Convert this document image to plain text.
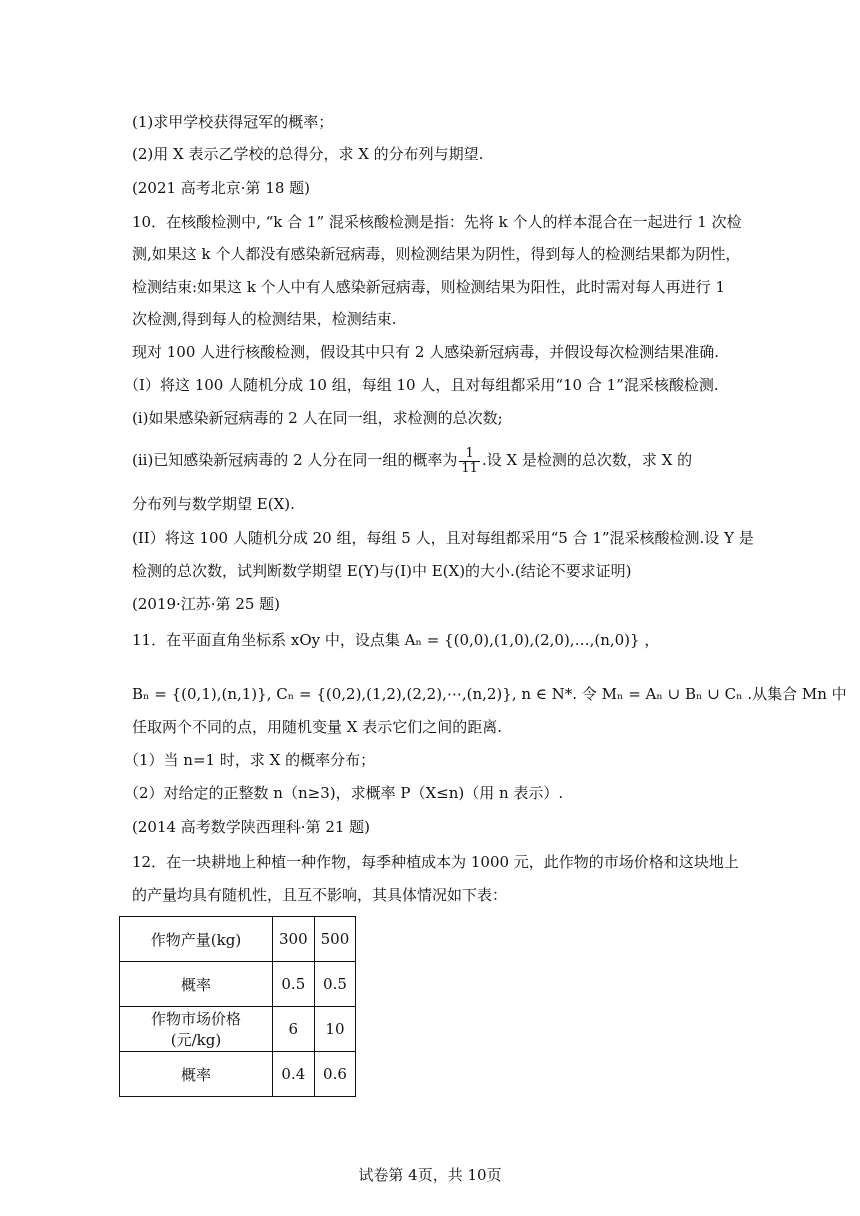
(1)求甲学校获得冠军的概率；
(2)用 X 表示乙学校的总得分，求 X 的分布列与期望.
(2021 高考北京·第 18 题)
10．在核酸检测中, “k 合 1” 混采核酸检测是指：先将 k 个人的样本混合在一起进行 1 次检
测,如果这 k 个人都没有感染新冠病毒，则检测结果为阴性，得到每人的检测结果都为阴性，
检测结束:如果这 k 个人中有人感染新冠病毒，则检测结果为阳性，此时需对每人再进行 1
次检测,得到每人的检测结果，检测结束.
现对 100 人进行核酸检测，假设其中只有 2 人感染新冠病毒，并假设每次检测结果准确.
（I）将这 100 人随机分成 10 组，每组 10 人，且对每组都采用“10 合 1”混采核酸检测.
(i)如果感染新冠病毒的 2 人在同一组，求检测的总次数;
(ii)已知感染新冠病毒的 2 人分在同一组的概率为 $\frac{1}{11}$ .设 X 是检测的总次数，求 X 的
分布列与数学期望 E(X).
(II）将这 100 人随机分成 20 组，每组 5 人，且对每组都采用“5 合 1”混采核酸检测.设 Y 是
检测的总次数，试判断数学期望 E(Y)与(I)中 E(X)的大小.(结论不要求证明)
(2019·江苏·第 25 题)
11．在平面直角坐标系 xOy 中，设点集 Aₙ = {(0,0),(1,0),(2,0),…,(n,0)} ，
Bₙ = {(0,1),(n,1)}, Cₙ = {(0,2),(1,2),(2,2),⋯,(n,2)}, n ∈ N*. 令 Mₙ = Aₙ ∪ Bₙ ∪ Cₙ .从集合 Mn 中
任取两个不同的点，用随机变量 X 表示它们之间的距离.
（1）当 n=1 时，求 X 的概率分布；
（2）对给定的正整数 n（n≥3)，求概率 P（X≤n)（用 n 表示）.
(2014 高考数学陕西理科·第 21 题)
12．在一块耕地上种植一种作物，每季种植成本为 1000 元，此作物的市场价格和这块地上
的产量均具有随机性，且互不影响，其具体情况如下表：
作物产量(kg)	300	500
概率	0.5	0.5
作物市场价格(元/kg)	6	10
概率	0.4	0.6
试卷第 4页，共 10页
